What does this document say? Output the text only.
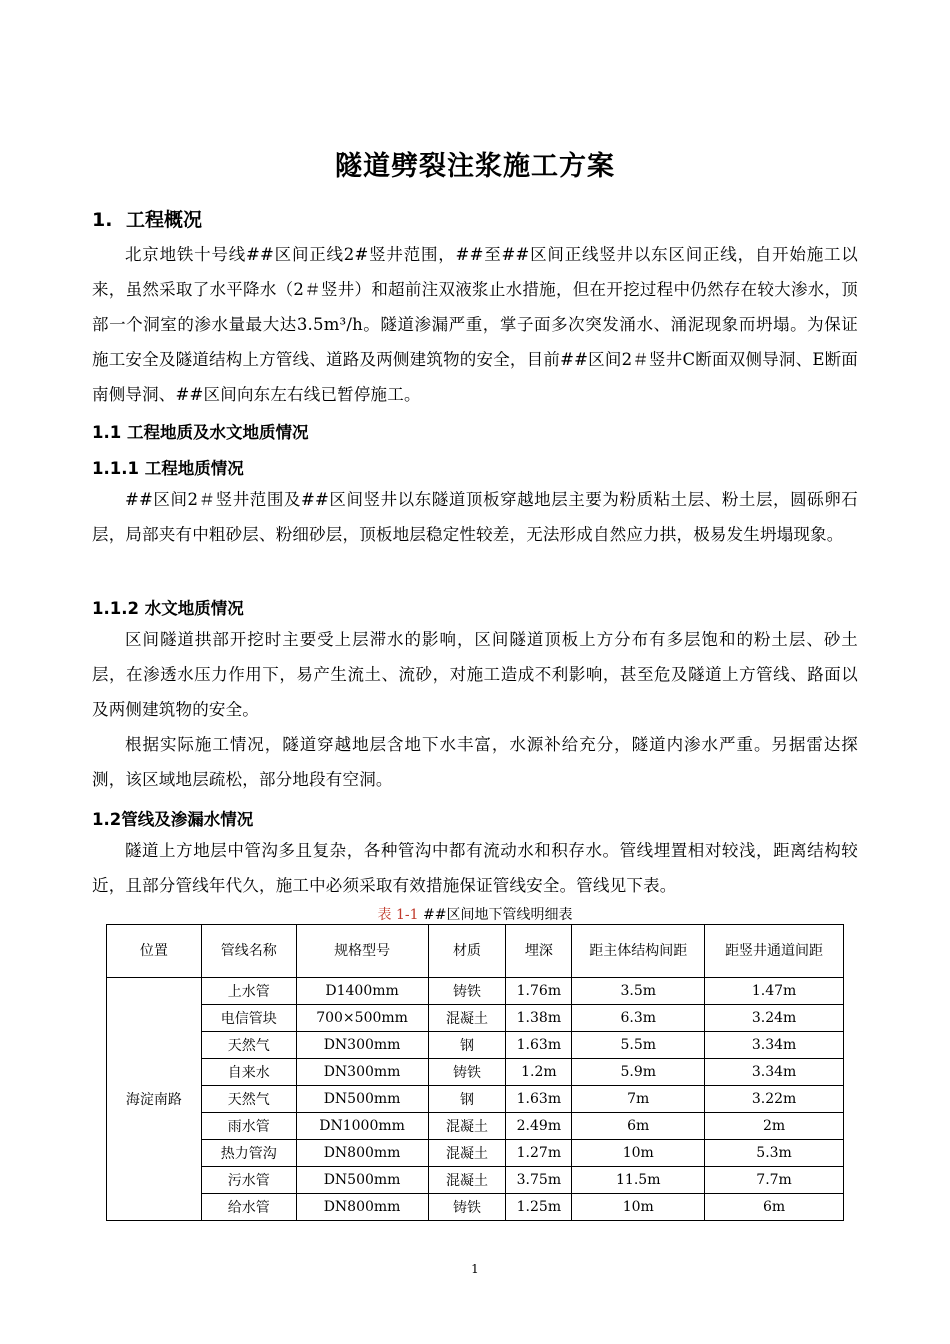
隧道劈裂注浆施工方案
1. 工程概况
北京地铁十号线##区间正线2#竖井范围，##至##区间正线竖井以东区间正线，自开始施工以来，虽然采取了水平降水（2＃竖井）和超前注双液浆止水措施，但在开挖过程中仍然存在较大渗水，顶部一个洞室的渗水量最大达3.5m³/h。隧道渗漏严重，掌子面多次突发涌水、涌泥现象而坍塌。为保证施工安全及隧道结构上方管线、道路及两侧建筑物的安全，目前##区间2＃竖井C断面双侧导洞、E断面南侧导洞、##区间向东左右线已暂停施工。
1.1 工程地质及水文地质情况
1.1.1 工程地质情况
##区间2＃竖井范围及##区间竖井以东隧道顶板穿越地层主要为粉质粘土层、粉土层，圆砾卵石层，局部夹有中粗砂层、粉细砂层，顶板地层稳定性较差，无法形成自然应力拱，极易发生坍塌现象。
1.1.2 水文地质情况
区间隧道拱部开挖时主要受上层滞水的影响，区间隧道顶板上方分布有多层饱和的粉土层、砂土层，在渗透水压力作用下，易产生流土、流砂，对施工造成不利影响，甚至危及隧道上方管线、路面以及两侧建筑物的安全。
根据实际施工情况，隧道穿越地层含地下水丰富，水源补给充分，隧道内渗水严重。另据雷达探测，该区域地层疏松，部分地段有空洞。
1.2管线及渗漏水情况
隧道上方地层中管沟多且复杂，各种管沟中都有流动水和积存水。管线埋置相对较浅，距离结构较近，且部分管线年代久，施工中必须采取有效措施保证管线安全。管线见下表。
表 1-1 ##区间地下管线明细表
位置	管线名称	规格型号	材质	埋深	距主体结构间距	距竖井通道间距
海淀南路	上水管	D1400mm	铸铁	1.76m	3.5m	1.47m
	电信管块	700×500mm	混凝土	1.38m	6.3m	3.24m
	天然气	DN300mm	钢	1.63m	5.5m	3.34m
	自来水	DN300mm	铸铁	1.2m	5.9m	3.34m
	天然气	DN500mm	钢	1.63m	7m	3.22m
	雨水管	DN1000mm	混凝土	2.49m	6m	2m
	热力管沟	DN800mm	混凝土	1.27m	10m	5.3m
	污水管	DN500mm	混凝土	3.75m	11.5m	7.7m
	给水管	DN800mm	铸铁	1.25m	10m	6m
1
